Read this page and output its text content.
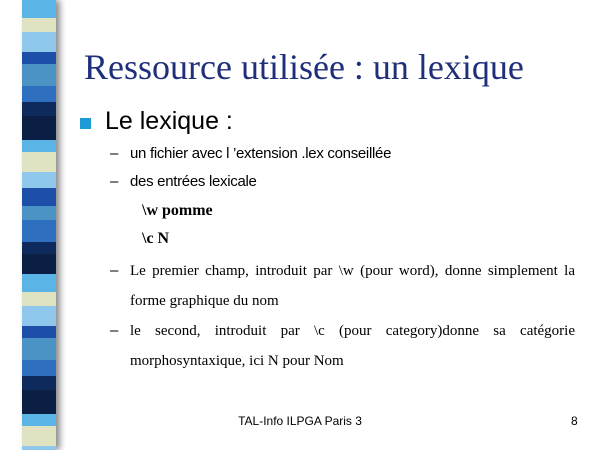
Ressource utilisée : un lexique
Le lexique :
– un fichier avec l ’extension .lex conseillée
– des entrées lexicale
\w pomme
\c N
– Le premier champ, introduit par \w (pour word), donne simplement la forme graphique du nom

– le second, introduit par \c (pour category)donne sa catégorie morphosyntaxique, ici N pour Nom

TAL-Info ILPGA Paris 3	8
